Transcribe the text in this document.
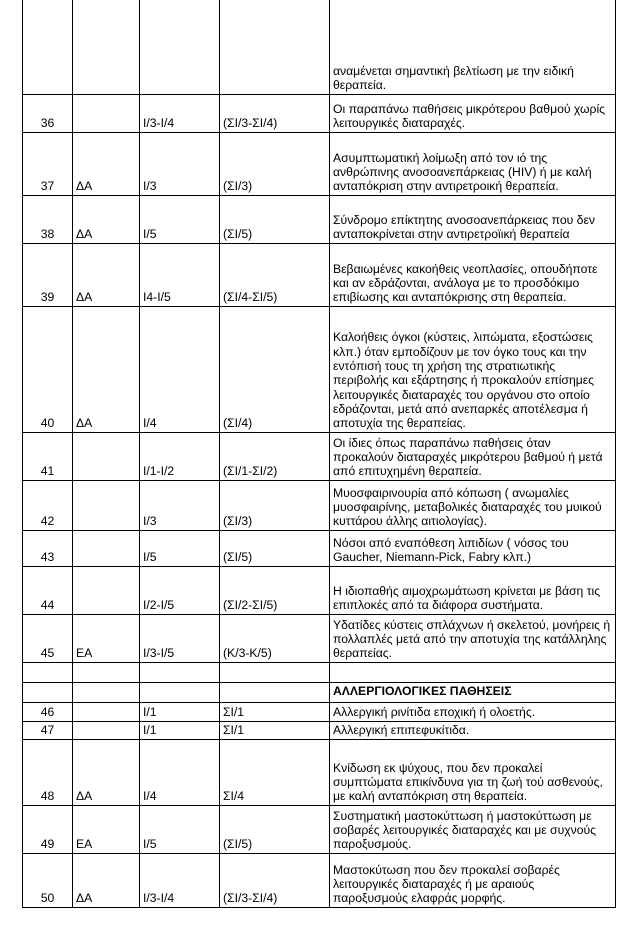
				αναμένεται σημαντική βελτίωση με την ειδική θεραπεία.
36		Ι/3-Ι/4	(ΣΙ/3-ΣΙ/4)	Οι παραπάνω παθήσεις μικρότερου βαθμού χωρίς λειτουργικές διαταραχές.
37	ΔΑ	Ι/3	(ΣΙ/3)	Ασυμπτωματική λοίμωξη από τον ιό της ανθρώπινης ανοσοανεπάρκειας (HIV) ή με καλή ανταπόκριση στην αντιρετροική θεραπεία.
38	ΔΑ	Ι/5	(ΣΙ/5)	Σύνδρομο επίκτητης ανοσοανεπάρκειας που δεν ανταποκρίνεται στην αντιρετροϊική θεραπεία
39	ΔΑ	Ι4-Ι/5	(ΣΙ/4-ΣΙ/5)	Βεβαιωμένες κακοήθεις νεοπλασίες, οπουδήποτε και αν εδράζονται, ανάλογα με το προσδόκιμο επιβίωσης και ανταπόκρισης στη θεραπεία.
40	ΔΑ	Ι/4	(ΣΙ/4)	Καλοήθεις όγκοι (κύστεις, λιπώματα, εξοστώσεις κλπ.) όταν εμποδίζουν με τον όγκο τους και την εντόπισή τους τη χρήση της στρατιωτικής περιβολής και εξάρτησης ή προκαλούν επίσημες λειτουργικές διαταραχές του οργάνου στο οποίο εδράζονται, μετά από ανεπαρκές αποτέλεσμα ή αποτυχία της θεραπείας.
41		Ι/1-Ι/2	(ΣΙ/1-ΣΙ/2)	Οι ίδιες όπως παραπάνω παθήσεις όταν προκαλούν διαταραχές μικρότερου βαθμού ή μετά από επιτυχημένη θεραπεία.
42		Ι/3	(ΣΙ/3)	Μυοσφαιρινουρία από κόπωση ( ανωμαλίες μυοσφαιρίνης, μεταβολικές διαταραχές του μυικού κυττάρου άλλης αιτιολογίας).
43		Ι/5	(ΣΙ/5)	Νόσοι από εναπόθεση λιπιδίων ( νόσος του Gaucher, Niemann-Pick, Fabry κλπ.)
44		Ι/2-Ι/5	(ΣΙ/2-ΣΙ/5)	Η ιδιοπαθής αιμοχρωμάτωση κρίνεται με βάση τις επιπλοκές από τα διάφορα συστήματα.
45	ΕΑ	Ι/3-Ι/5	(Κ/3-Κ/5)	Υδατίδες κύστεις σπλάχνων ή σκελετού, μονήρεις ή πολλαπλές μετά από την αποτυχία της κατάλληλης θεραπείας.

				ΑΛΛΕΡΓΙΟΛΟΓΙΚΕΣ ΠΑΘΗΣΕΙΣ
46		Ι/1	ΣΙ/1	Αλλεργική ρινίτιδα εποχική ή ολοετής.
47		Ι/1	ΣΙ/1	Αλλεργική επιπεφυκίτιδα.
48	ΔΑ	Ι/4	ΣΙ/4	Κνίδωση εκ ψύχους, που δεν προκαλεί συμπτώματα επικίνδυνα για τη ζωή τού ασθενούς, με καλή ανταπόκριση στη θεραπεία.
49	ΕΑ	Ι/5	(ΣΙ/5)	Συστηματική μαστοκύττωση ή μαστοκύττωση με σοβαρές λειτουργικές διαταραχές και με συχνούς παροξυσμούς.
50	ΔΑ	Ι/3-Ι/4	(ΣΙ/3-ΣΙ/4)	Μαστοκύτωση που δεν προκαλεί σοβαρές λειτουργικές διαταραχές ή με αραιούς παροξυσμούς ελαφράς μορφής.
